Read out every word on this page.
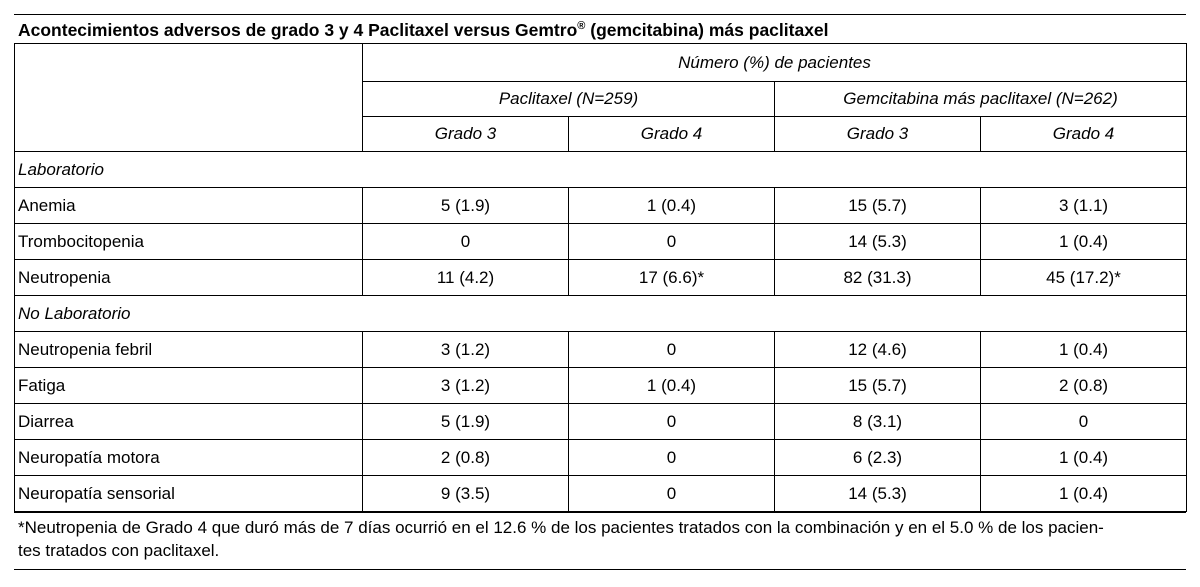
Acontecimientos adversos de grado 3 y 4 Paclitaxel versus Gemtro® (gemcitabina) más paclitaxel
	Número (%) de pacientes			
	Paclitaxel (N=259)		Gemcitabina más paclitaxel (N=262)	
	Grado 3	Grado 4	Grado 3	Grado 4
Laboratorio				
Anemia	5 (1.9)	1 (0.4)	15 (5.7)	3 (1.1)
Trombocitopenia	0	0	14 (5.3)	1 (0.4)
Neutropenia	11 (4.2)	17 (6.6)*	82 (31.3)	45 (17.2)*
No Laboratorio				
Neutropenia febril	3 (1.2)	0	12 (4.6)	1 (0.4)
Fatiga	3 (1.2)	1 (0.4)	15 (5.7)	2 (0.8)
Diarrea	5 (1.9)	0	8 (3.1)	0
Neuropatía motora	2 (0.8)	0	6 (2.3)	1 (0.4)
Neuropatía sensorial	9 (3.5)	0	14 (5.3)	1 (0.4)
*Neutropenia de Grado 4 que duró más de 7 días ocurrió en el 12.6 % de los pacientes tratados con la combinación y en el 5.0 % de los pacien-
tes tratados con paclitaxel.
